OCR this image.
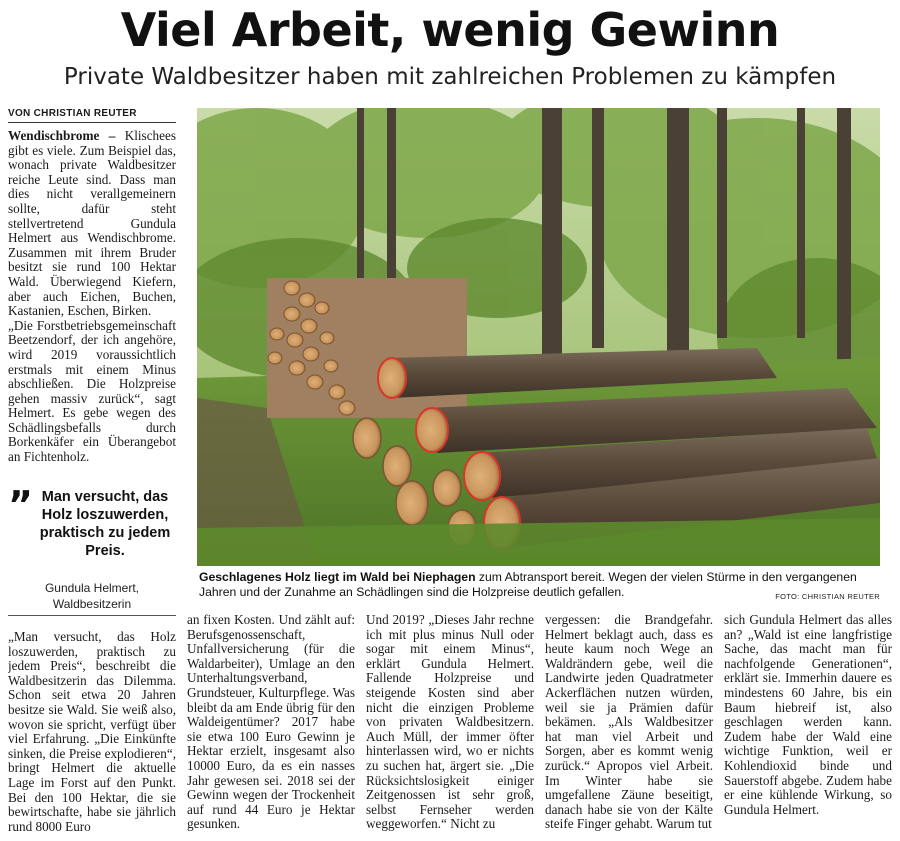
Viel Arbeit, wenig Gewinn
Private Waldbesitzer haben mit zahlreichen Problemen zu kämpfen
VON CHRISTIAN REUTER

Wendischbrome – Klischees gibt es viele. Zum Beispiel das, wonach private Waldbesitzer reiche Leute sind. Dass man dies nicht verallgemeinern sollte, dafür steht stellvertretend Gundula Helmert aus Wendischbrome. Zusammen mit ihrem Bruder besitzt sie rund 100 Hektar Wald. Überwiegend Kiefern, aber auch Eichen, Buchen, Kastanien, Eschen, Birken.

„Die Forstbetriebsgemeinschaft Beetzendorf, der ich angehöre, wird 2019 voraussichtlich erstmals mit einem Minus abschließen. Die Holzpreise gehen massiv zurück“, sagt Helmert. Es gebe wegen des Schädlingsbefalls durch Borkenkäfer ein Überangebot an Fichtenholz.

” Man versucht, das Holz loszuwerden, praktisch zu jedem Preis.
Gundula Helmert,
Waldbesitzerin
Geschlagenes Holz liegt im Wald bei Niephagen zum Abtransport bereit. Wegen der vielen Stürme in den vergangenen Jahren und der Zunahme an Schädlingen sind die Holzpreise deutlich gefallen.	FOTO: CHRISTIAN REUTER

„Man versucht, das Holz loszuwerden, praktisch zu jedem Preis“, beschreibt die Waldbesitzerin das Dilemma. Schon seit etwa 20 Jahren besitze sie Wald. Sie weiß also, wovon sie spricht, verfügt über viel Erfahrung. „Die Einkünfte sinken, die Preise explodieren“, bringt Helmert die aktuelle Lage im Forst auf den Punkt. Bei den 100 Hektar, die sie bewirtschafte, habe sie jährlich rund 8000 Euro

an fixen Kosten. Und zählt auf: Berufsgenossenschaft, Unfallversicherung (für die Waldarbeiter), Umlage an den Unterhaltungsverband, Grundsteuer, Kulturpflege. Was bleibt da am Ende übrig für den Waldeigentümer? 2017 habe sie etwa 100 Euro Gewinn je Hektar erzielt, insgesamt also 10000 Euro, da es ein nasses Jahr gewesen sei. 2018 sei der Gewinn wegen der Trockenheit auf rund 44 Euro je Hektar gesunken.

Und 2019? „Dieses Jahr rechne ich mit plus minus Null oder sogar mit einem Minus“, erklärt Gundula Helmert. Fallende Holzpreise und steigende Kosten sind aber nicht die einzigen Probleme von privaten Waldbesitzern. Auch Müll, der immer öfter hinterlassen wird, wo er nichts zu suchen hat, ärgert sie. „Die Rücksichtslosigkeit einiger Zeitgenossen ist sehr groß, selbst Fernseher werden weggeworfen.“ Nicht zu

vergessen: die Brandgefahr. Helmert beklagt auch, dass es heute kaum noch Wege an Waldrändern gebe, weil die Landwirte jeden Quadratmeter Ackerflächen nutzen würden, weil sie ja Prämien dafür bekämen. „Als Waldbesitzer hat man viel Arbeit und Sorgen, aber es kommt wenig zurück.“ Apropos viel Arbeit. Im Winter habe sie umgefallene Zäune beseitigt, danach habe sie von der Kälte steife Finger gehabt. Warum tut

sich Gundula Helmert das alles an? „Wald ist eine langfristige Sache, das macht man für nachfolgende Generationen“, erklärt sie. Immerhin dauere es mindestens 60 Jahre, bis ein Baum hiebreif ist, also geschlagen werden kann. Zudem habe der Wald eine wichtige Funktion, weil er Kohlendioxid binde und Sauerstoff abgebe. Zudem habe er eine kühlende Wirkung, so Gundula Helmert.
